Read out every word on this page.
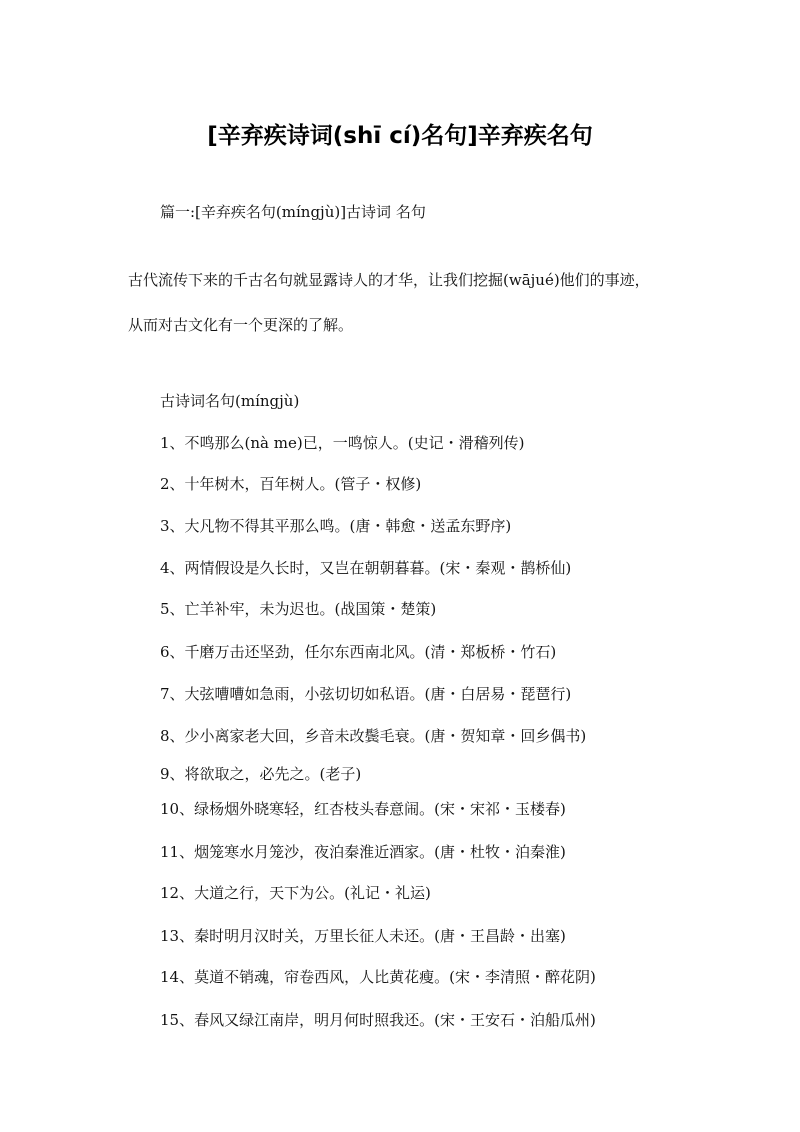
[辛弃疾诗词(shī cí)名句]辛弃疾名句
篇一:[辛弃疾名句(míngjù)]古诗词 名句
古代流传下来的千古名句就显露诗人的才华，让我们挖掘(wājué)他们的事迹，
从而对古文化有一个更深的了解。
古诗词名句(míngjù)
1、不鸣那么(nà me)已，一鸣惊人。(史记・滑稽列传)
2、十年树木，百年树人。(管子・权修)
3、大凡物不得其平那么鸣。(唐・韩愈・送孟东野序)
4、两情假设是久长时，又岂在朝朝暮暮。(宋・秦观・鹊桥仙)
5、亡羊补牢，未为迟也。(战国策・楚策)
6、千磨万击还坚劲，任尔东西南北风。(清・郑板桥・竹石)
7、大弦嘈嘈如急雨，小弦切切如私语。(唐・白居易・琵琶行)
8、少小离家老大回，乡音未改鬓毛衰。(唐・贺知章・回乡偶书)
9、将欲取之，必先之。(老子)
10、绿杨烟外晓寒轻，红杏枝头春意闹。(宋・宋祁・玉楼春)
11、烟笼寒水月笼沙，夜泊秦淮近酒家。(唐・杜牧・泊秦淮)
12、大道之行，天下为公。(礼记・礼运)
13、秦时明月汉时关，万里长征人未还。(唐・王昌龄・出塞)
14、莫道不销魂，帘卷西风，人比黄花瘦。(宋・李清照・醉花阴)
15、春风又绿江南岸，明月何时照我还。(宋・王安石・泊船瓜州)
